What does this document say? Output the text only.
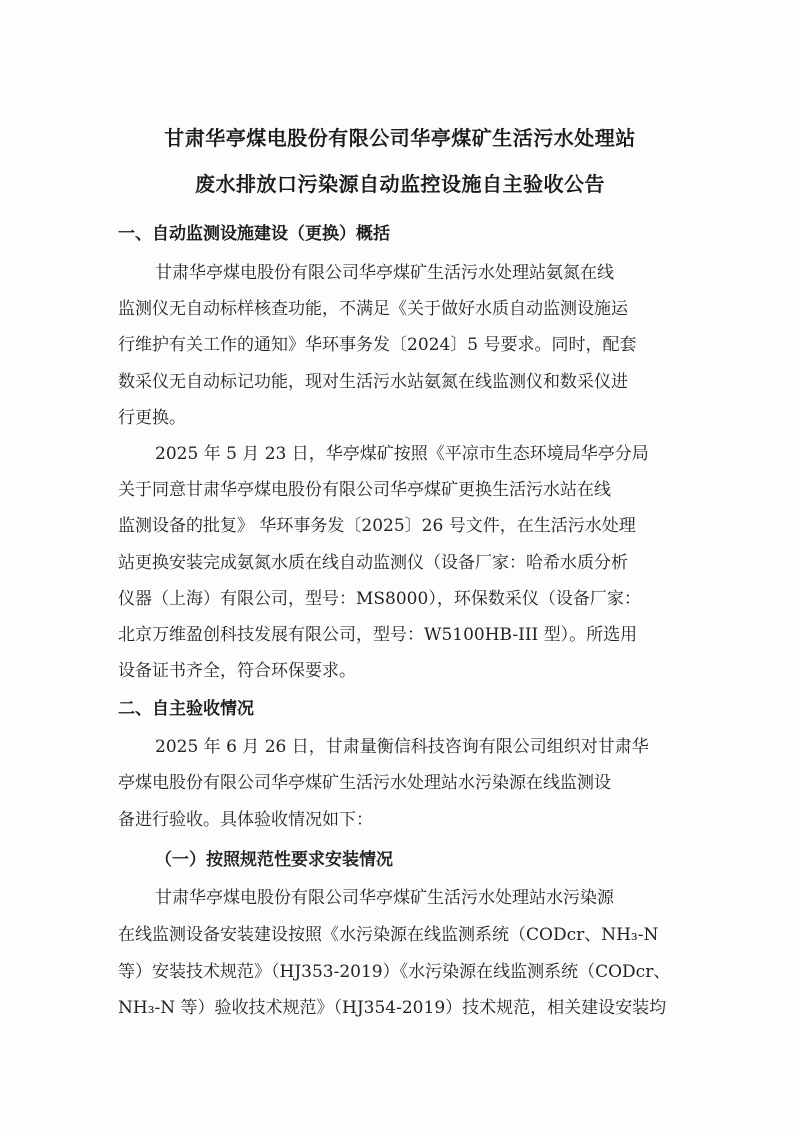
甘肃华亭煤电股份有限公司华亭煤矿生活污水处理站
废水排放口污染源自动监控设施自主验收公告
一、自动监测设施建设（更换）概括
甘肃华亭煤电股份有限公司华亭煤矿生活污水处理站氨氮在线
监测仪无自动标样核查功能，不满足《关于做好水质自动监测设施运
行维护有关工作的通知》华环事务发〔2024〕5 号要求。同时，配套
数采仪无自动标记功能，现对生活污水站氨氮在线监测仪和数采仪进
行更换。
2025 年 5 月 23 日，华亭煤矿按照《平凉市生态环境局华亭分局
关于同意甘肃华亭煤电股份有限公司华亭煤矿更换生活污水站在线
监测设备的批复》 华环事务发〔2025〕26 号文件，在生活污水处理
站更换安装完成氨氮水质在线自动监测仪（设备厂家：哈希水质分析
仪器（上海）有限公司，型号：MS8000），环保数采仪（设备厂家：
北京万维盈创科技发展有限公司，型号：W5100HB-III 型）。所选用
设备证书齐全，符合环保要求。
二、自主验收情况
2025 年 6 月 26 日，甘肃量衡信科技咨询有限公司组织对甘肃华
亭煤电股份有限公司华亭煤矿生活污水处理站水污染源在线监测设
备进行验收。具体验收情况如下：
（一）按照规范性要求安装情况
甘肃华亭煤电股份有限公司华亭煤矿生活污水处理站水污染源
在线监测设备安装建设按照《水污染源在线监测系统（CODcr、NH₃-N
等）安装技术规范》（HJ353-2019）《水污染源在线监测系统（CODcr、
NH₃-N 等）验收技术规范》（HJ354-2019）技术规范，相关建设安装均
